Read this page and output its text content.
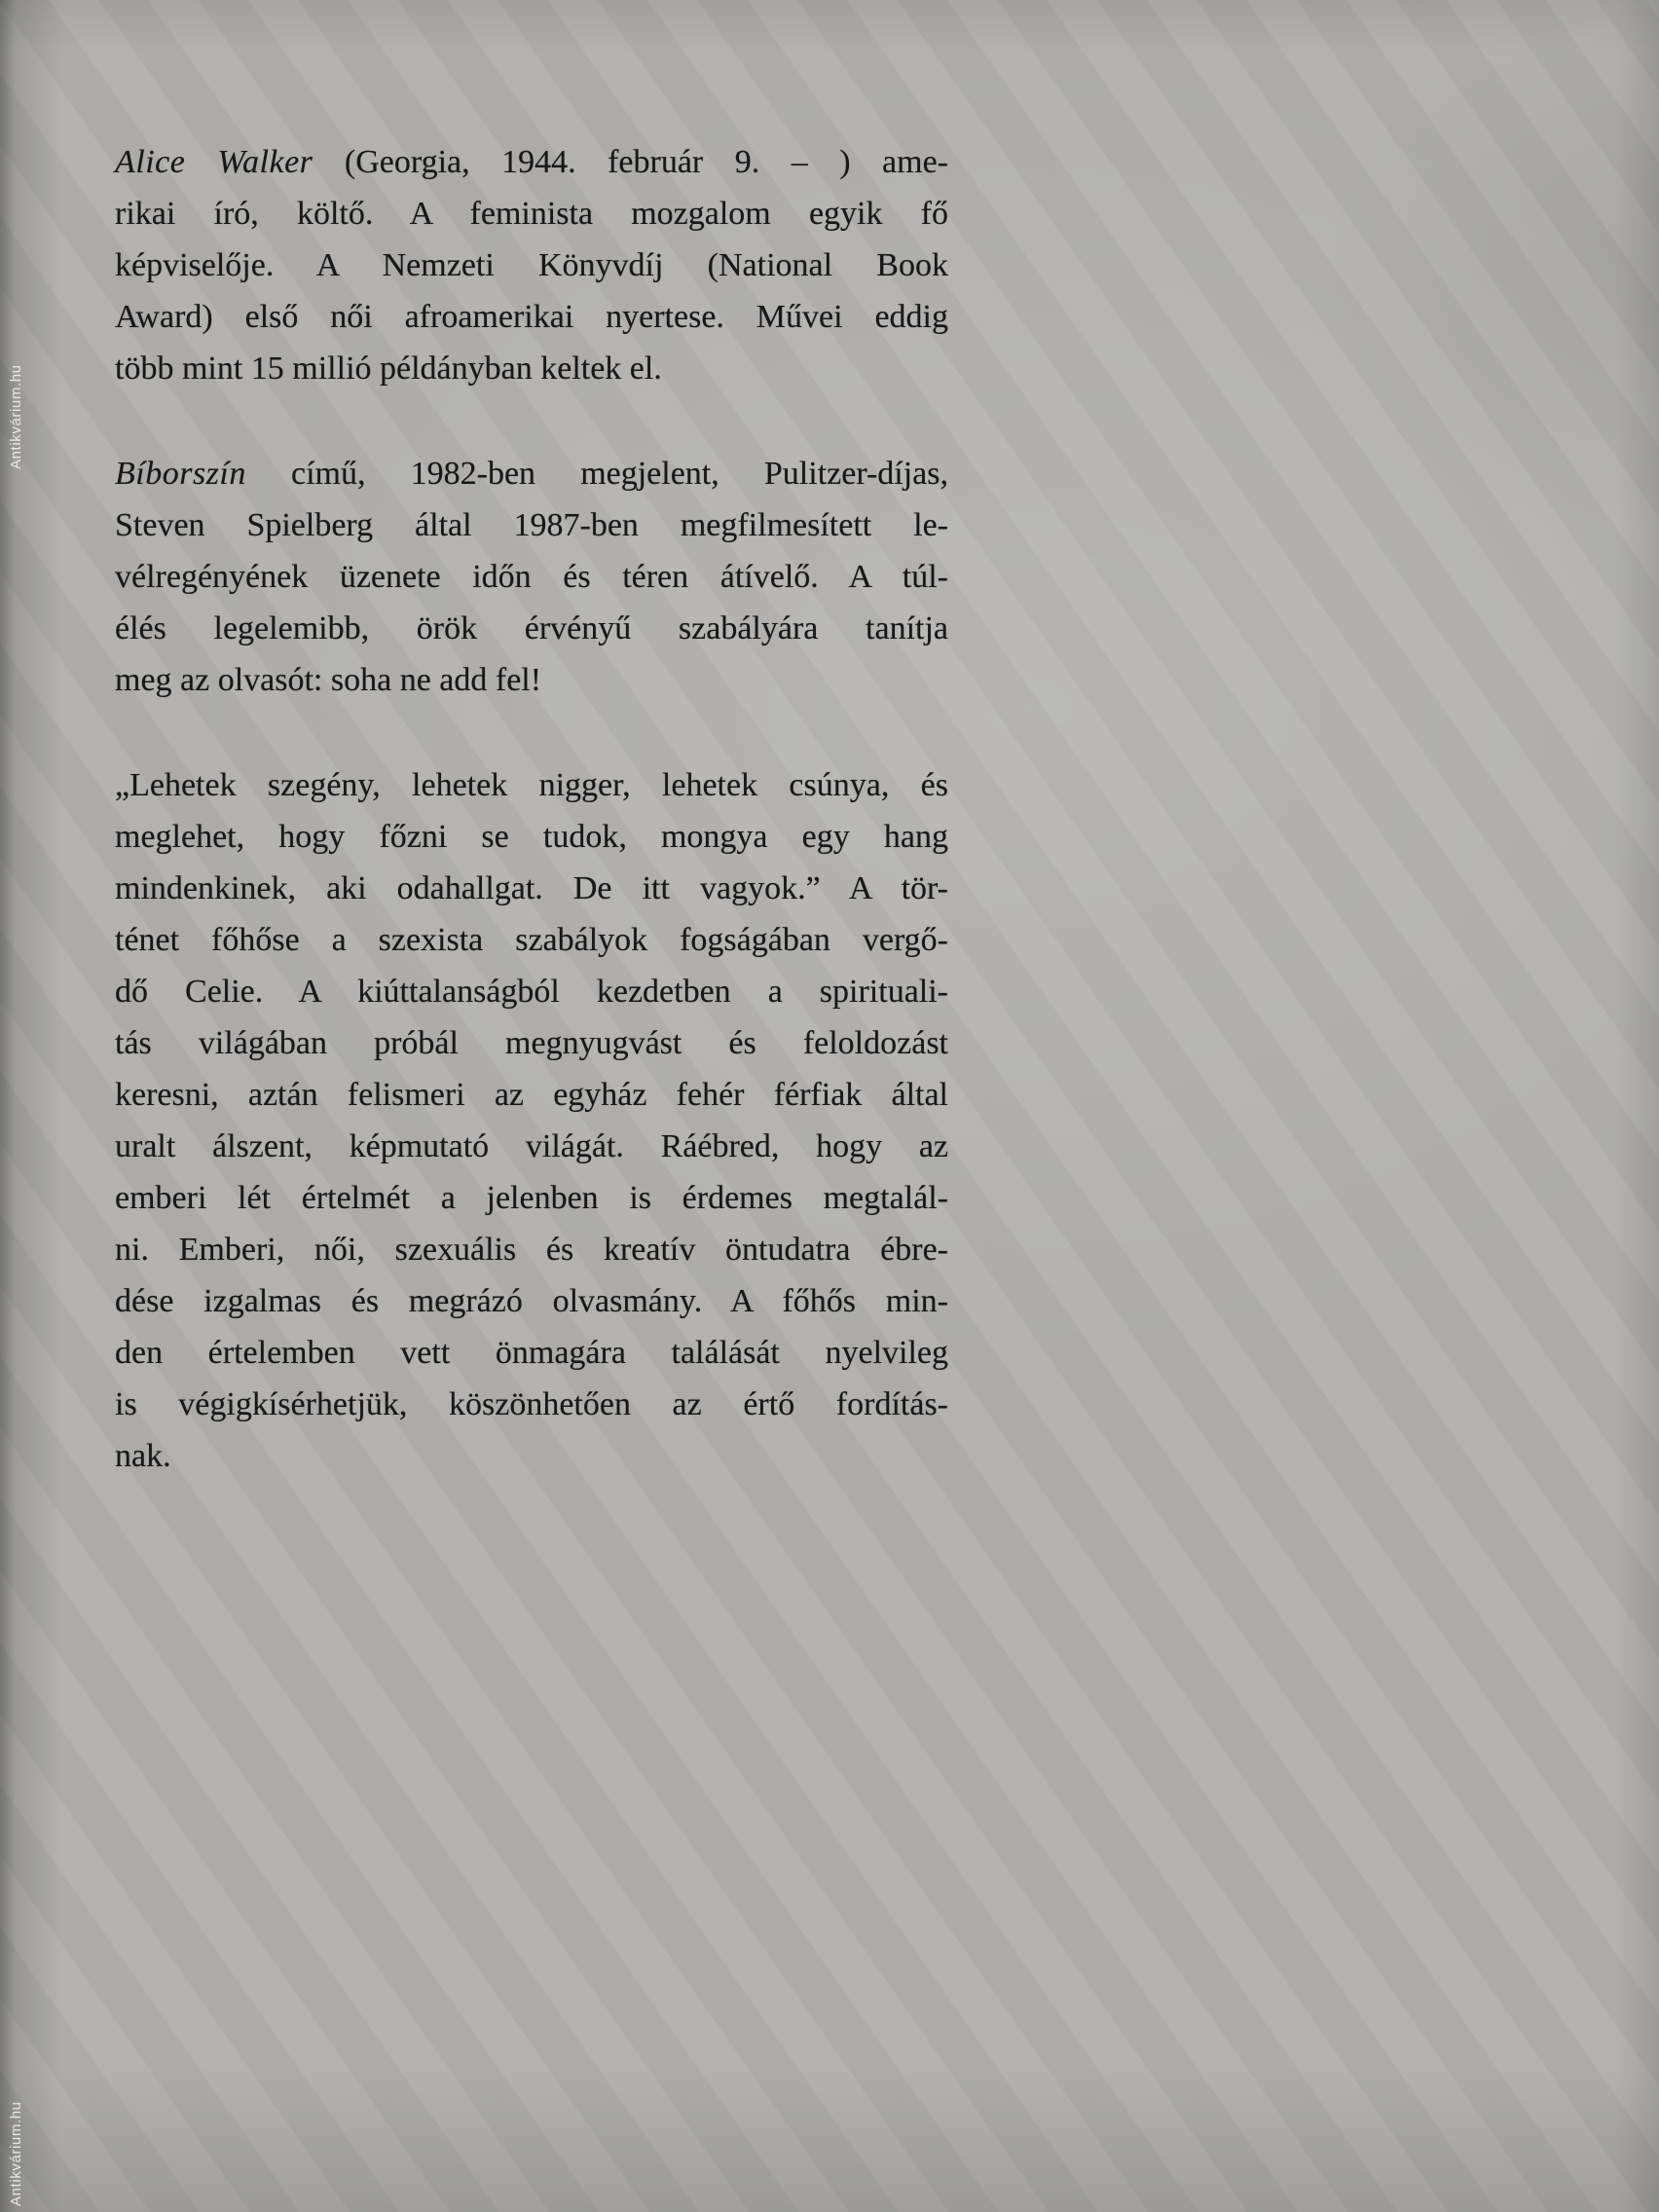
Antikvárium.hu
Alice Walker (Georgia, 1944. február 9. – ) ame-
rikai író, költő. A feminista mozgalom egyik fő
képviselője. A Nemzeti Könyvdíj (National Book
Award) első női afroamerikai nyertese. Művei eddig
több mint 15 millió példányban keltek el.
Bíborszín című, 1982-ben megjelent, Pulitzer-díjas,
Steven Spielberg által 1987-ben megfilmesített le-
vélregényének üzenete időn és téren átívelő. A túl-
élés legelemibb, örök érvényű szabályára tanítja
meg az olvasót: soha ne add fel!
„Lehetek szegény, lehetek nigger, lehetek csúnya, és
meglehet, hogy főzni se tudok, mongya egy hang
mindenkinek, aki odahallgat. De itt vagyok.” A tör-
ténet főhőse a szexista szabályok fogságában vergő-
dő Celie. A kiúttalanságból kezdetben a spirituali-
tás világában próbál megnyugvást és feloldozást
keresni, aztán felismeri az egyház fehér férfiak által
uralt álszent, képmutató világát. Ráébred, hogy az
emberi lét értelmét a jelenben is érdemes megtalál-
ni. Emberi, női, szexuális és kreatív öntudatra ébre-
dése izgalmas és megrázó olvasmány. A főhős min-
den értelemben vett önmagára találását nyelvileg
is végigkísérhetjük, köszönhetően az értő fordítás-
nak.
Antikvárium.hu
